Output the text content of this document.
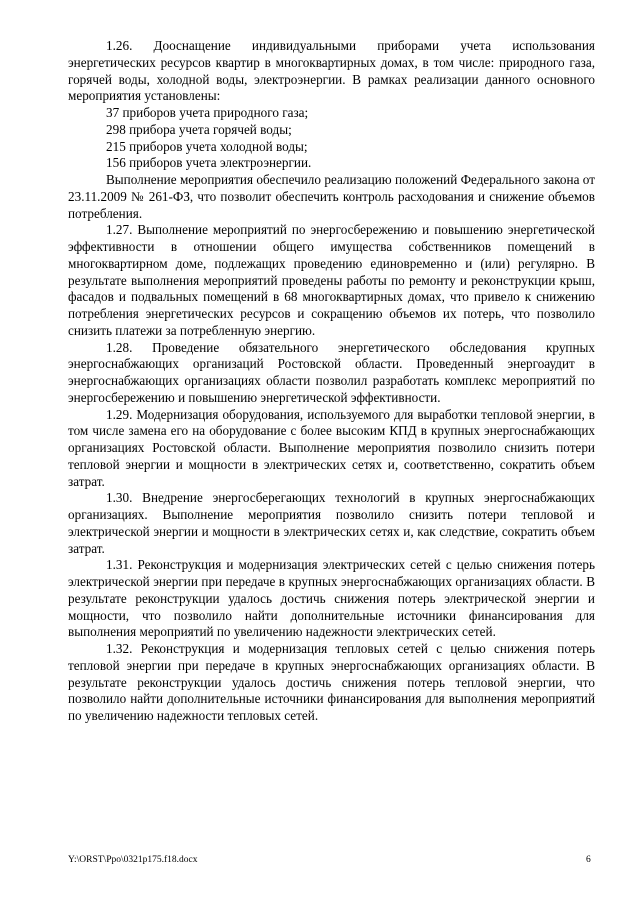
1.26. Дооснащение индивидуальными приборами учета использования энергетических ресурсов квартир в многоквартирных домах, в том числе: природного газа, горячей воды, холодной воды, электроэнергии. В рамках реализации данного основного мероприятия установлены:

37 приборов учета природного газа;

298 прибора учета горячей воды;

215 приборов учета холодной воды;

156 приборов учета электроэнергии.

Выполнение мероприятия обеспечило реализацию положений Федерального закона от 23.11.2009 № 261-ФЗ, что позволит обеспечить контроль расходования и снижение объемов потребления.

1.27. Выполнение мероприятий по энергосбережению и повышению энергетической эффективности в отношении общего имущества собственников помещений в многоквартирном доме, подлежащих проведению единовременно и (или) регулярно. В результате выполнения мероприятий проведены работы по ремонту и реконструкции крыш, фасадов и подвальных помещений в 68 многоквартирных домах, что привело к снижению потребления энергетических ресурсов и сокращению объемов их потерь, что позволило снизить платежи за потребленную энергию.

1.28. Проведение обязательного энергетического обследования крупных энергоснабжающих организаций Ростовской области. Проведенный энергоаудит в энергоснабжающих организациях области позволил разработать комплекс мероприятий по энергосбережению и повышению энергетической эффективности.

1.29. Модернизация оборудования, используемого для выработки тепловой энергии, в том числе замена его на оборудование с более высоким КПД в крупных энергоснабжающих организациях Ростовской области. Выполнение мероприятия позволило снизить потери тепловой энергии и мощности в электрических сетях и, соответственно, сократить объем затрат.

1.30. Внедрение энергосберегающих технологий в крупных энергоснабжающих организациях. Выполнение мероприятия позволило снизить потери тепловой и электрической энергии и мощности в электрических сетях и, как следствие, сократить объем затрат.

1.31. Реконструкция и модернизация электрических сетей с целью снижения потерь электрической энергии при передаче в крупных энергоснабжающих организациях области. В результате реконструкции удалось достичь снижения потерь электрической энергии и мощности, что позволило найти дополнительные источники финансирования для выполнения мероприятий по увеличению надежности электрических сетей.

1.32. Реконструкция и модернизация тепловых сетей с целью снижения потерь тепловой энергии при передаче в крупных энергоснабжающих организациях области. В результате реконструкции удалось достичь снижения потерь тепловой энергии, что позволило найти дополнительные источники финансирования для выполнения мероприятий по увеличению надежности тепловых сетей.

Y:\ORST\Ppo\0321p175.f18.docx	6
